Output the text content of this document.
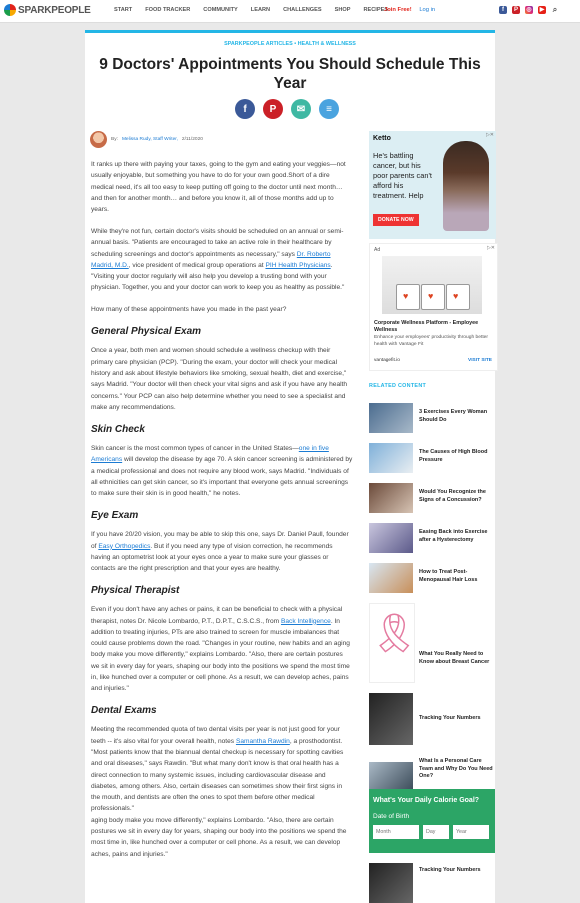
SPARKPEOPLE	START FOOD TRACKER COMMUNITY LEARN CHALLENGES SHOP RECIPES
Join Free! Log in	f	P	◎ ▶ ⌕
SPARKPEOPLE ARTICLES • HEALTH & WELLNESS
9 Doctors' Appointments You Should Schedule This Year
f	P	✉	≡
By: Melissa Rudy, Staff Writer, 2/11/2020

It ranks up there with paying your taxes, going to the gym and eating your veggies—not usually enjoyable, but something you have to do for your own good.Short of a dire medical need, it's all too easy to keep putting off going to the doctor until next month… and then for another month… and before you know it, all of those months add up to years.

While they're not fun, certain doctor's visits should be scheduled on an annual or semi-annual basis. "Patients are encouraged to take an active role in their healthcare by scheduling screenings and doctor's appointments as necessary," says Dr. Roberto Madrid, M.D., vice president of medical group operations at PIH Health Physicians. "Visiting your doctor regularly will also help you develop a trusting bond with your physician. Together, you and your doctor can work to keep you as healthy as possible."

How many of these appointments have you made in the past year?

General Physical Exam

Once a year, both men and women should schedule a wellness checkup with their primary care physician (PCP). "During the exam, your doctor will check your medical history and ask about lifestyle behaviors like smoking, sexual health, diet and exercise," says Madrid. "Your doctor will then check your vital signs and ask if you have any health concerns." Your PCP can also help determine whether you need to see a specialist and make any recommendations.

Skin Check

Skin cancer is the most common types of cancer in the United States—one in five Americans will develop the disease by age 70. A skin cancer screening is administered by a medical professional and does not require any blood work, says Madrid. "Individuals of all ethnicities can get skin cancer, so it's important that everyone gets annual screenings to make sure their skin is in good health," he notes.

Eye Exam

If you have 20/20 vision, you may be able to skip this one, says Dr. Daniel Paull, founder of Easy Orthopedics. But if you need any type of vision correction, he recommends having an optometrist look at your eyes once a year to make sure your glasses or contacts are the right prescription and that your eyes are healthy.

Physical Therapist

Even if you don't have any aches or pains, it can be beneficial to check with a physical therapist, notes Dr. Nicole Lombardo, P.T., D.P.T., C.S.C.S., from Back Intelligence. In addition to treating injuries, PTs are also trained to screen for muscle imbalances that could cause problems down the road. "Changes in your routine, new habits and an aging body make you move differently," explains Lombardo. "Also, there are certain postures we sit in every day for years, shaping our body into the positions we spend the most time in, like hunched over a computer or cell phone. As a result, we can develop aches, pains and injuries."

Dental Exams

Meeting the recommended quota of two dental visits per year is not just good for your teeth -- it's also vital for your overall health, notes Samantha Rawdin, a prosthodontist. "Most patients know that the biannual dental checkup is necessary for spotting cavities and oral diseases," says Rawdin. "But what many don't know is that oral health has a direct connection to many systemic issues, including cardiovascular disease and diabetes, among others. Also, certain diseases can sometimes show their first signs in the mouth, and dentists are often the ones to spot them before other medical professionals."

aging body make you move differently," explains Lombardo. "Also, there are certain postures we sit in every day for years, shaping our body into the positions we spend the most time in, like hunched over a computer or cell phone. As a result, we can develop aches, pains and injuries."

Ketto	▷✕
He's battling cancer, but his poor parents can't afford his treatment. Help
DONATE NOW
Ad	▷✕
♥ ♥ ♥
Corporate Wellness Platform - Employee Wellness
Enhance your employees' productivity through better health with Vantage Fit
vantagefit.io	VISIT SITE
RELATED CONTENT
3 Exercises Every Woman Should Do
The Causes of High Blood Pressure
Would You Recognize the Signs of a Concussion?
Easing Back into Exercise after a Hysterectomy
How to Treat Post-Menopausal Hair Loss
🎗 What You Really Need to Know about Breast Cancer
Tracking Your Numbers
What Is a Personal Care Team and Why Do You Need One?
What's Your Daily Calorie Goal?
Date of Birth
Month
Day
Year
Tracking Your Numbers
